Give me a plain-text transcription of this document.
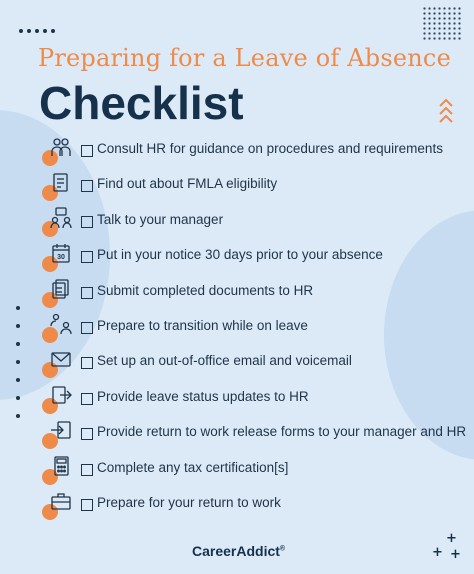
Preparing for a Leave of Absence
Checklist
Consult HR for guidance on procedures and requirements
Find out about FMLA eligibility
Talk to your manager
30 Put in your notice 30 days prior to your absence
Submit completed documents to HR
Prepare to transition while on leave
Set up an out-of-office email and voicemail
Provide leave status updates to HR
Provide return to work release forms to your manager and HR
Complete any tax certification[s]
Prepare for your return to work
CareerAddict®
+
+ +
